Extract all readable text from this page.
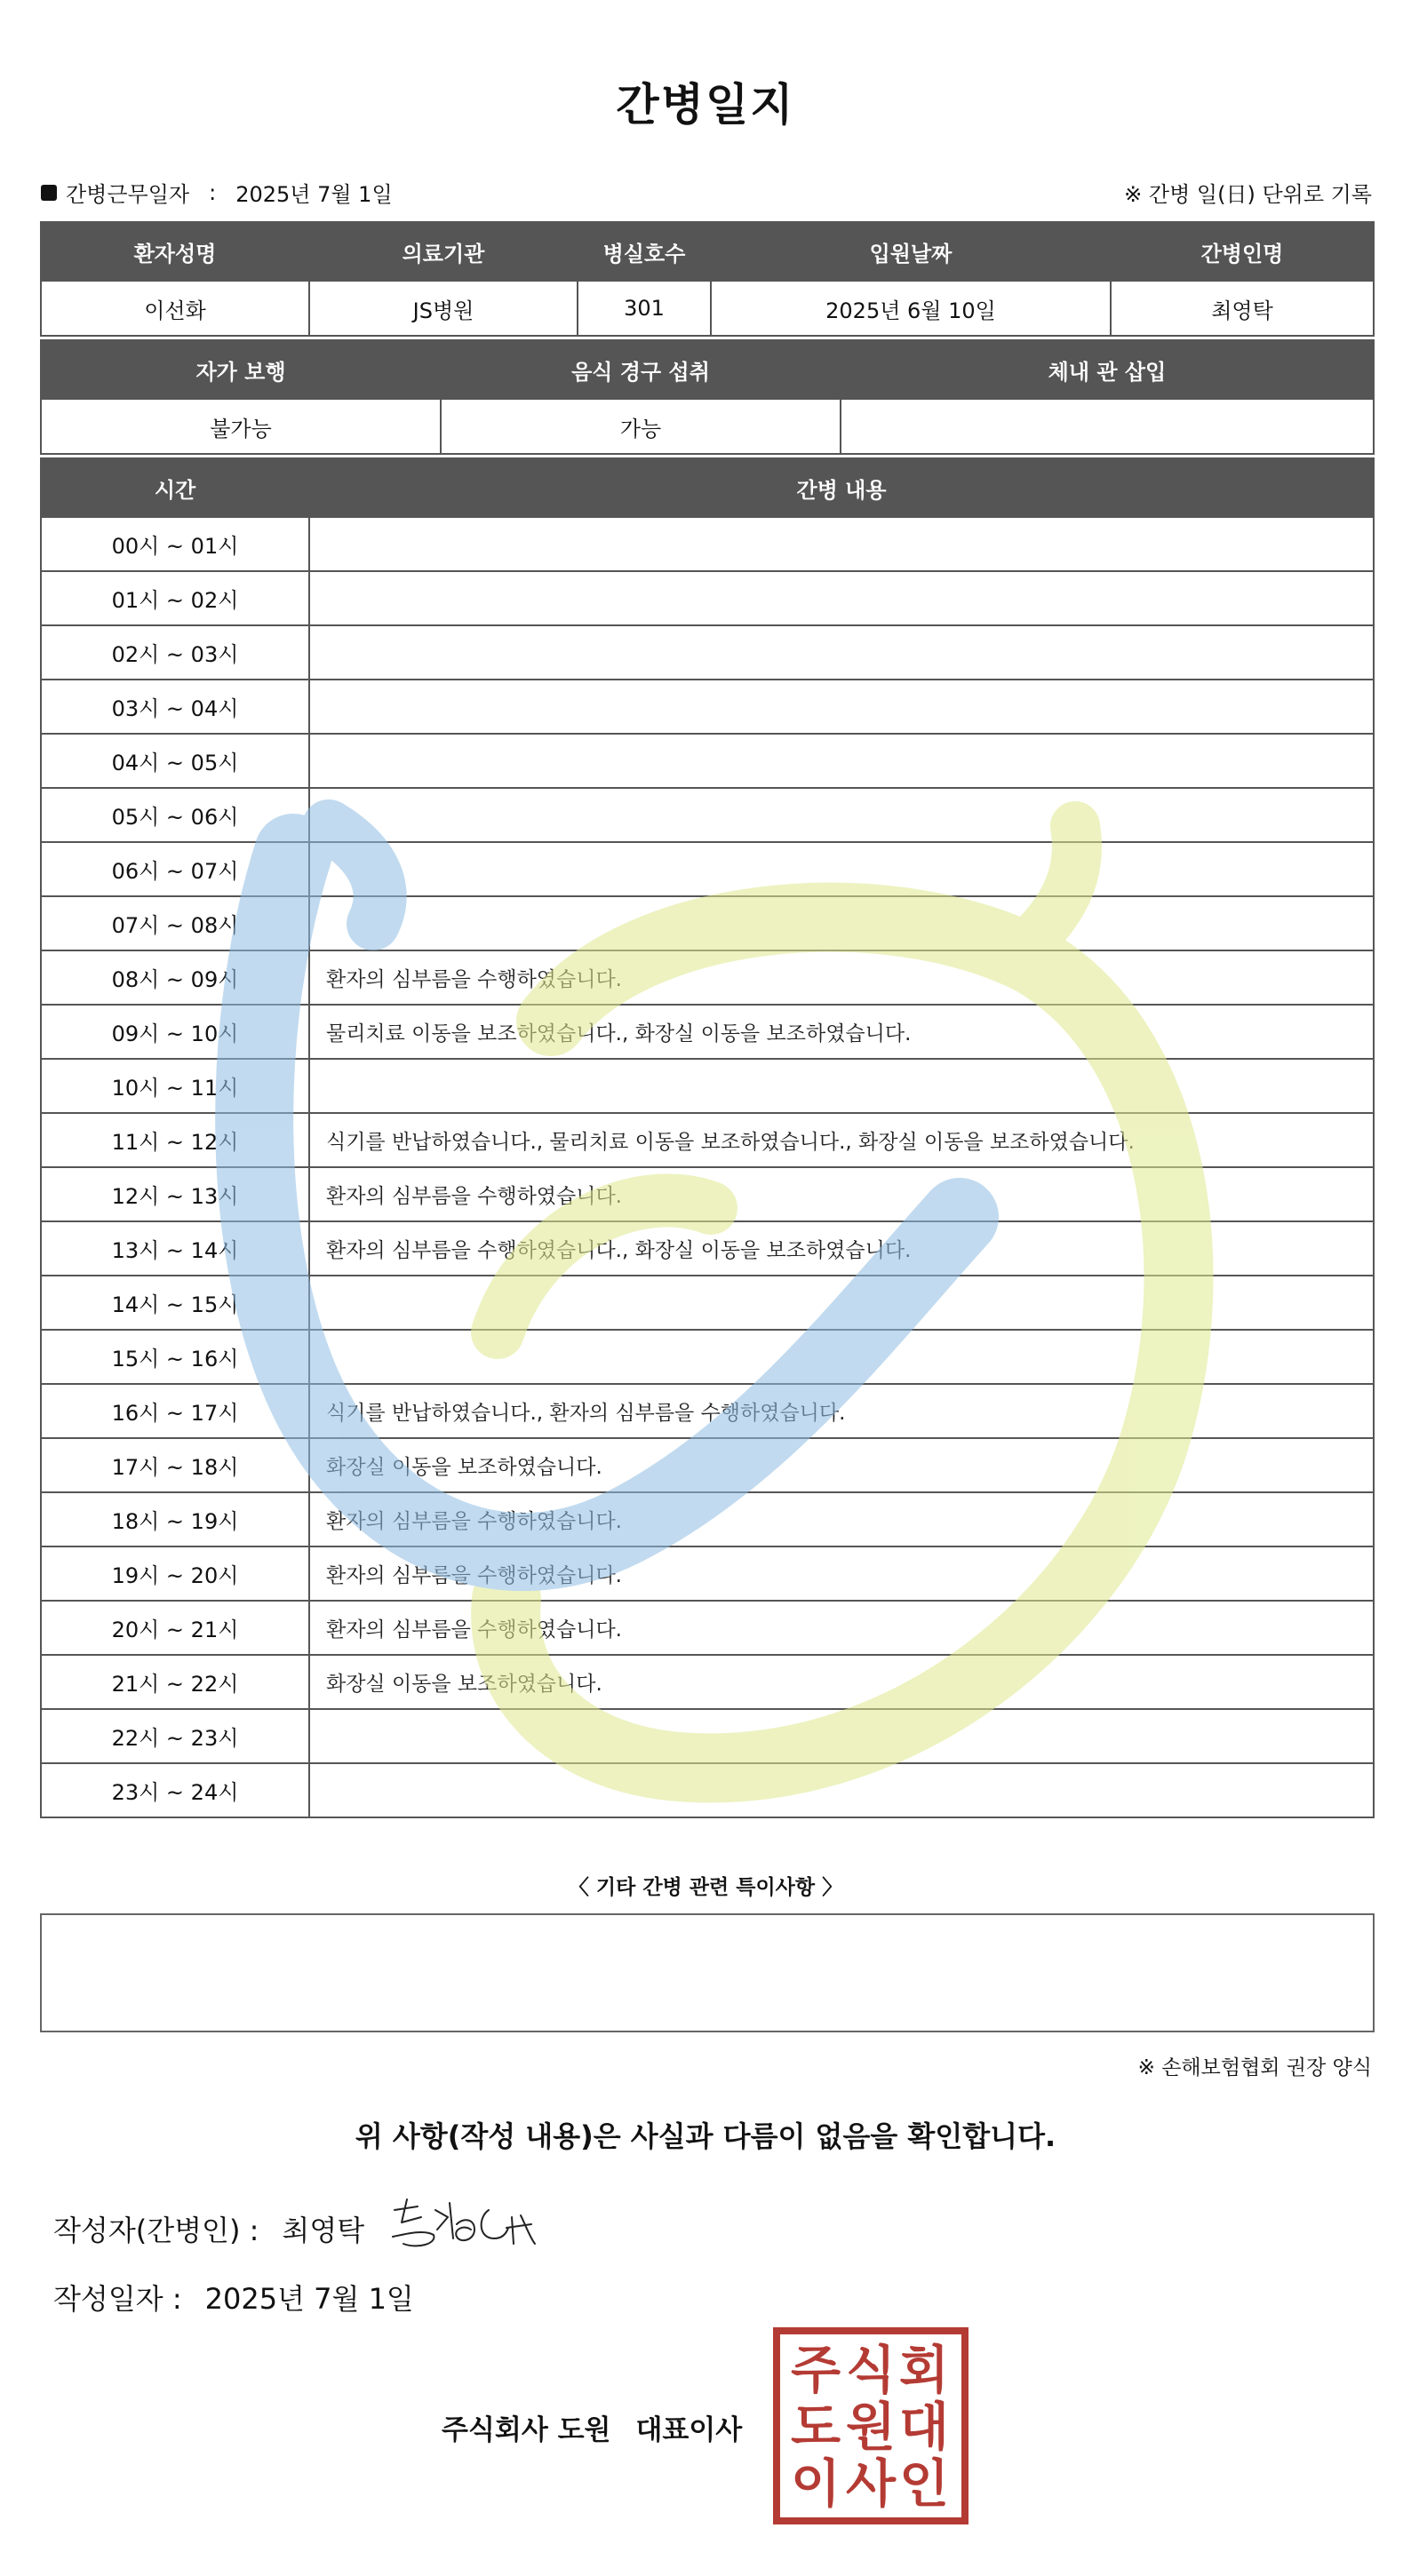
간병일지
간병근무일자 : 2025년 7월 1일	※ 간병 일(日) 단위로 기록
환자성명	의료기관	병실호수	입원날짜	간병인명
이선화	JS병원	301	2025년 6월 10일	최영탁
자가 보행	음식 경구 섭취	체내 관 삽입
불가능	가능	
시간	간병 내용
00시 ~ 01시	
01시 ~ 02시	
02시 ~ 03시	
03시 ~ 04시	
04시 ~ 05시	
05시 ~ 06시	
06시 ~ 07시	
07시 ~ 08시	
08시 ~ 09시	환자의 심부름을 수행하였습니다.
09시 ~ 10시	물리치료 이동을 보조하였습니다., 화장실 이동을 보조하였습니다.
10시 ~ 11시	
11시 ~ 12시	식기를 반납하였습니다., 물리치료 이동을 보조하였습니다., 화장실 이동을 보조하였습니다.
12시 ~ 13시	환자의 심부름을 수행하였습니다.
13시 ~ 14시	환자의 심부름을 수행하였습니다., 화장실 이동을 보조하였습니다.
14시 ~ 15시	
15시 ~ 16시	
16시 ~ 17시	식기를 반납하였습니다., 환자의 심부름을 수행하였습니다.
17시 ~ 18시	화장실 이동을 보조하였습니다.
18시 ~ 19시	환자의 심부름을 수행하였습니다.
19시 ~ 20시	환자의 심부름을 수행하였습니다.
20시 ~ 21시	환자의 심부름을 수행하였습니다.
21시 ~ 22시	화장실 이동을 보조하였습니다.
22시 ~ 23시	
23시 ~ 24시	
〈 기타 간병 관련 특이사항 〉
※ 손해보험협회 권장 양식
위 사항(작성 내용)은 사실과 다름이 없음을 확인합니다.
작성자(간병인) : 최영탁
작성일자 : 2025년 7월 1일
주식회사 도원 대표이사
주 식 회
도 원 대
이 사 인
